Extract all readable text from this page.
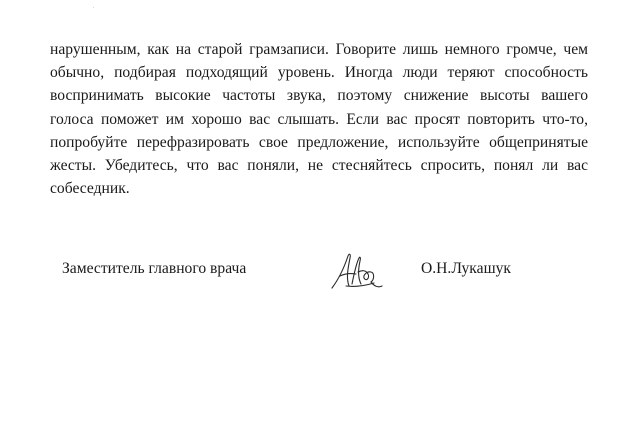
нарушенным, как на старой грамзаписи. Говорите лишь немного громче, чем
обычно, подбирая подходящий уровень. Иногда люди теряют способность
воспринимать высокие частоты звука, поэтому снижение высоты вашего
голоса поможет им хорошо вас слышать. Если вас просят повторить что-то,
попробуйте перефразировать свое предложение, используйте общепринятые
жесты. Убедитесь, что вас поняли, не стесняйтесь спросить, понял ли вас
собеседник.
Заместитель главного врача	О.Н.Лукашук
